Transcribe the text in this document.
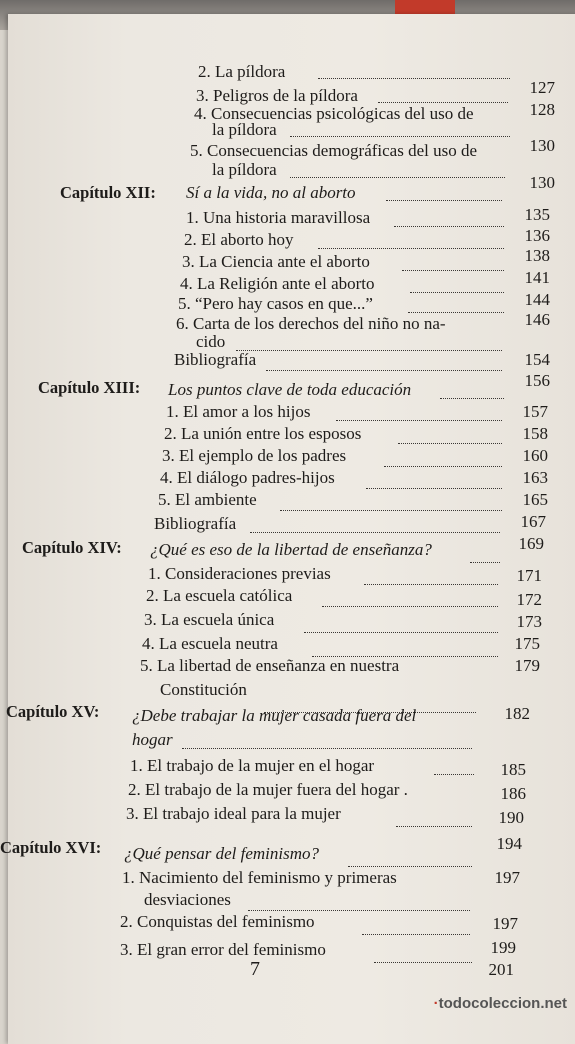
2. La píldora
127
3. Peligros de la píldora
128
4. Consecuencias psicológicas del uso de
la píldora
130
5. Consecuencias demográficas del uso de
la píldora
130
Capítulo XII: Sí a la vida, no al aborto
135
1. Una historia maravillosa
136
2. El aborto hoy
138
3. La Ciencia ante el aborto
141
4. La Religión ante el aborto
144
5. “Pero hay casos en que...”
146
6. Carta de los derechos del niño no na-
cido
154
Bibliografía
156
Capítulo XIII: Los puntos clave de toda educación
157
1. El amor a los hijos
158
2. La unión entre los esposos
160
3. El ejemplo de los padres
163
4. El diálogo padres-hijos
165
5. El ambiente
167
Bibliografía
169
Capítulo XIV: ¿Qué es eso de la libertad de enseñanza?
171
1. Consideraciones previas
172
2. La escuela católica
173
3. La escuela única
175
4. La escuela neutra
179
5. La libertad de enseñanza en nuestra
Constitución
182
Capítulo XV: ¿Debe trabajar la mujer casada fuera del
hogar
185
1. El trabajo de la mujer en el hogar
186
2. El trabajo de la mujer fuera del hogar .
190
3. El trabajo ideal para la mujer
194
Capítulo XVI: ¿Qué pensar del feminismo?
197
1. Nacimiento del feminismo y primeras
desviaciones
197
2. Conquistas del feminismo
199
3. El gran error del feminismo
201
7
·todocoleccion.net
